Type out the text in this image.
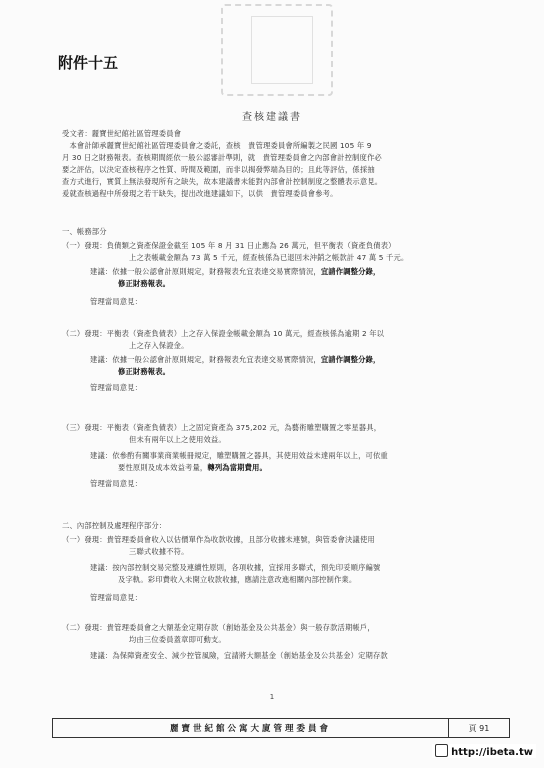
附件十五
查核建議書
受文者：麗寶世紀館社區管理委員會
　本會計師承麗寶世紀館社區管理委員會之委託，查核　貴管理委員會所編製之民國 105 年 9
月 30 日之財務報表。查核期間經依一般公認審計準則，就　貴管理委員會之內部會計控制度作必
要之評估，以決定查核程序之性質、時間及範圍，而非以揭發弊端為目的；且此等評估，係採抽
查方式進行，實質上無法發現所有之缺失，故本建議書未能對內部會計控制制度之整體表示意見。
爰就查核過程中所發現之若干缺失，提出改進建議如下，以供　貴管理委員會參考。
一、帳務部分
（一）發現：負債類之資產保證金截至 105 年 8 月 31 日止應為 26 萬元，但平衡表（資產負債表）
上之表帳載金額為 73 萬 5 千元，經查核係為已退回未沖銷之帳款計 47 萬 5 千元。
建議：依據一般公認會計原則規定，財務報表允宜表達交易實際情況，宜請作調整分錄，
修正財務報表。
管理當局意見：
（二）發現：平衡表（資產負債表）上之存入保證金帳載金額為 10 萬元，經查核係為逾期 2 年以
上之存入保證金。
建議：依據一般公認會計原則規定，財務報表允宜表達交易實際情況，宜請作調整分錄，
修正財務報表。
管理當局意見：
（三）發現：平衡表（資產負債表）上之固定資產為 375,202 元，為藝術雕塑購置之零星器具，
但未有兩年以上之使用效益。
建議：依參酌有關事業商業帳冊規定，雕塑購置之器具，其使用效益未達兩年以上，可依重
要性原則及成本效益考量，轉列為當期費用。
管理當局意見：
二、內部控制及處理程序部分：
（一）發現：貴管理委員會收入以估價單作為收款收據，且部分收據未連號，與管委會決議使用
三聯式收據不符。
建議：按內部控制交易完整及連續性原則，各項收據，宜採用多聯式，預先印妥順序編號
及字軌。彩印費收入未開立收款收據，應請注意改進相關內部控制作業。
管理當局意見：
（二）發現：貴管理委員會之大額基金定期存款（創始基金及公共基金）與一般存款活期帳戶，
均由三位委員蓋章即可動支。
建議：為保障資產安全、減少控管風險，宜請將大額基金（創始基金及公共基金）定期存款
1
麗寶世紀館公寓大廈管理委員會	頁 91
http://ibeta.tw
